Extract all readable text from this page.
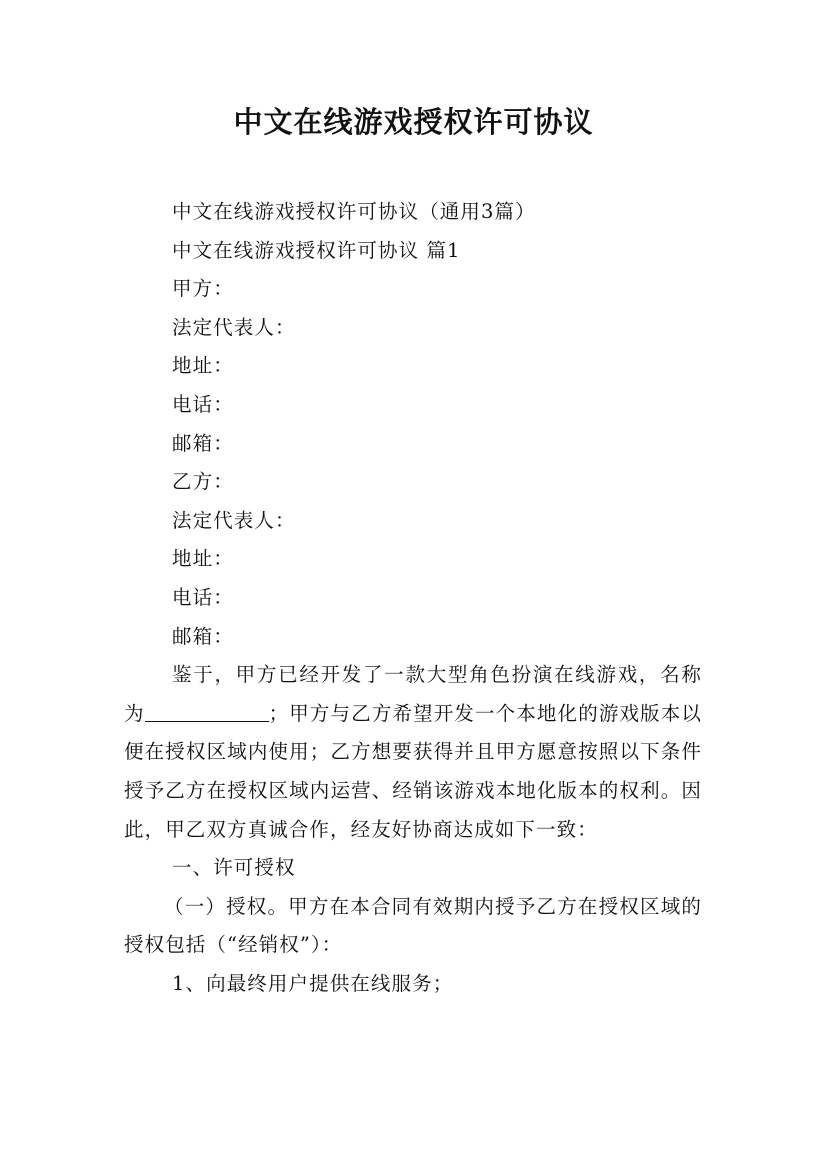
中文在线游戏授权许可协议

中文在线游戏授权许可协议（通用3篇）

中文在线游戏授权许可协议 篇1

甲方：

法定代表人：

地址：

电话：

邮箱：

乙方：

法定代表人：

地址：

电话：

邮箱：

鉴于，甲方已经开发了一款大型角色扮演在线游戏，名称为	；甲方与乙方希望开发一个本地化的游戏版本以便在授权区域内使用；乙方想要获得并且甲方愿意按照以下条件授予乙方在授权区域内运营、经销该游戏本地化版本的权利。因此，甲乙双方真诚合作，经友好协商达成如下一致：

一、许可授权

（一）授权。甲方在本合同有效期内授予乙方在授权区域的授权包括（“经销权”）：

1、向最终用户提供在线服务；
